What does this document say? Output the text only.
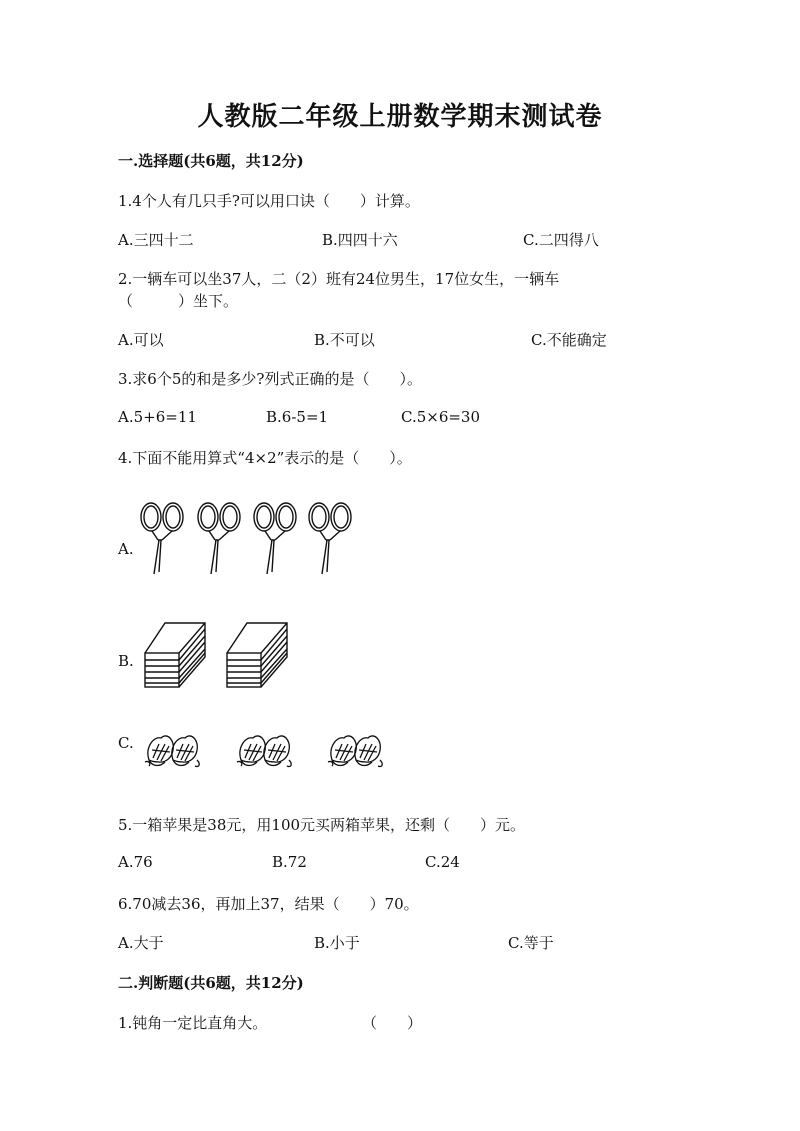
人教版二年级上册数学期末测试卷
一.选择题(共6题，共12分)
1.4个人有几只手?可以用口诀（　　）计算。
A.三四十二	B.四四十六	C.二四得八
2.一辆车可以坐37人，二（2）班有24位男生，17位女生，一辆车
（　　　）坐下。
A.可以	B.不可以	C.不能确定
3.求6个5的和是多少?列式正确的是（　　）。
A.5+6=11	B.6-5=1	C.5×6=30
4.下面不能用算式“4×2”表示的是（　　）。
A.
B.
C.
5.一箱苹果是38元，用100元买两箱苹果，还剩（　　）元。
A.76	B.72	C.24
6.70减去36，再加上37，结果（　　）70。
A.大于	B.小于	C.等于
二.判断题(共6题，共12分)
1.钝角一定比直角大。	（　　）
